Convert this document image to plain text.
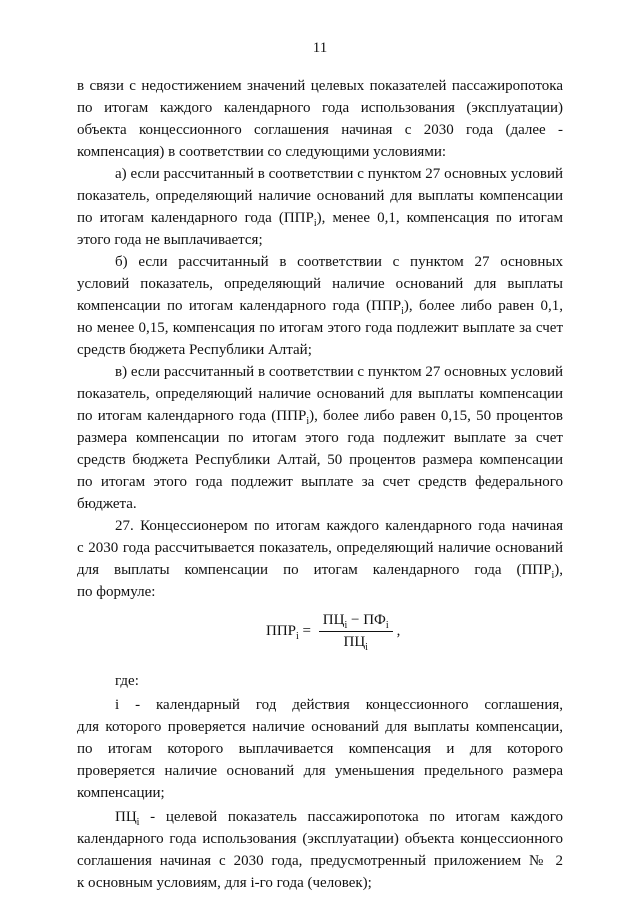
11
в связи с недостижением значений целевых показателей пассажиропотока
по итогам каждого календарного года использования (эксплуатации)
объекта концессионного соглашения начиная с 2030 года (далее -
компенсация) в соответствии со следующими условиями:
а) если рассчитанный в соответствии с пунктом 27 основных условий
показатель, определяющий наличие оснований для выплаты компенсации
по итогам календарного года $(ППР_i)$, менее 0,1, компенсация по итогам
этого года не выплачивается;
б) если рассчитанный в соответствии с пунктом 27 основных
условий показатель, определяющий наличие оснований для выплаты
компенсации по итогам календарного года $(ППР_i)$, более либо равен 0,1,
но менее 0,15, компенсация по итогам этого года подлежит выплате за счет
средств бюджета Республики Алтай;
в) если рассчитанный в соответствии с пунктом 27 основных условий
показатель, определяющий наличие оснований для выплаты компенсации
по итогам календарного года $(ППР_i)$, более либо равен 0,15, 50 процентов
размера компенсации по итогам этого года подлежит выплате за счет
средств бюджета Республики Алтай, 50 процентов размера компенсации
по итогам этого года подлежит выплате за счет средств федерального
бюджета.
27. Концессионером по итогам каждого календарного года начиная
с 2030 года рассчитывается показатель, определяющий наличие оснований
для выплаты компенсации по итогам календарного года $(ППР_i)$,
по формуле:
$ППР_i = \frac{ПЦ_i - ПФ_i}{ПЦ_i}$ ,
где:
i - календарный год действия концессионного соглашения,
для которого проверяется наличие оснований для выплаты компенсации,
по итогам которого выплачивается компенсация и для которого
проверяется наличие оснований для уменьшения предельного размера
компенсации;
$ПЦ_i$ - целевой показатель пассажиропотока по итогам каждого
календарного года использования (эксплуатации) объекта концессионного
соглашения начиная с 2030 года, предусмотренный приложением № 2
к основным условиям, для i-го года (человек);
